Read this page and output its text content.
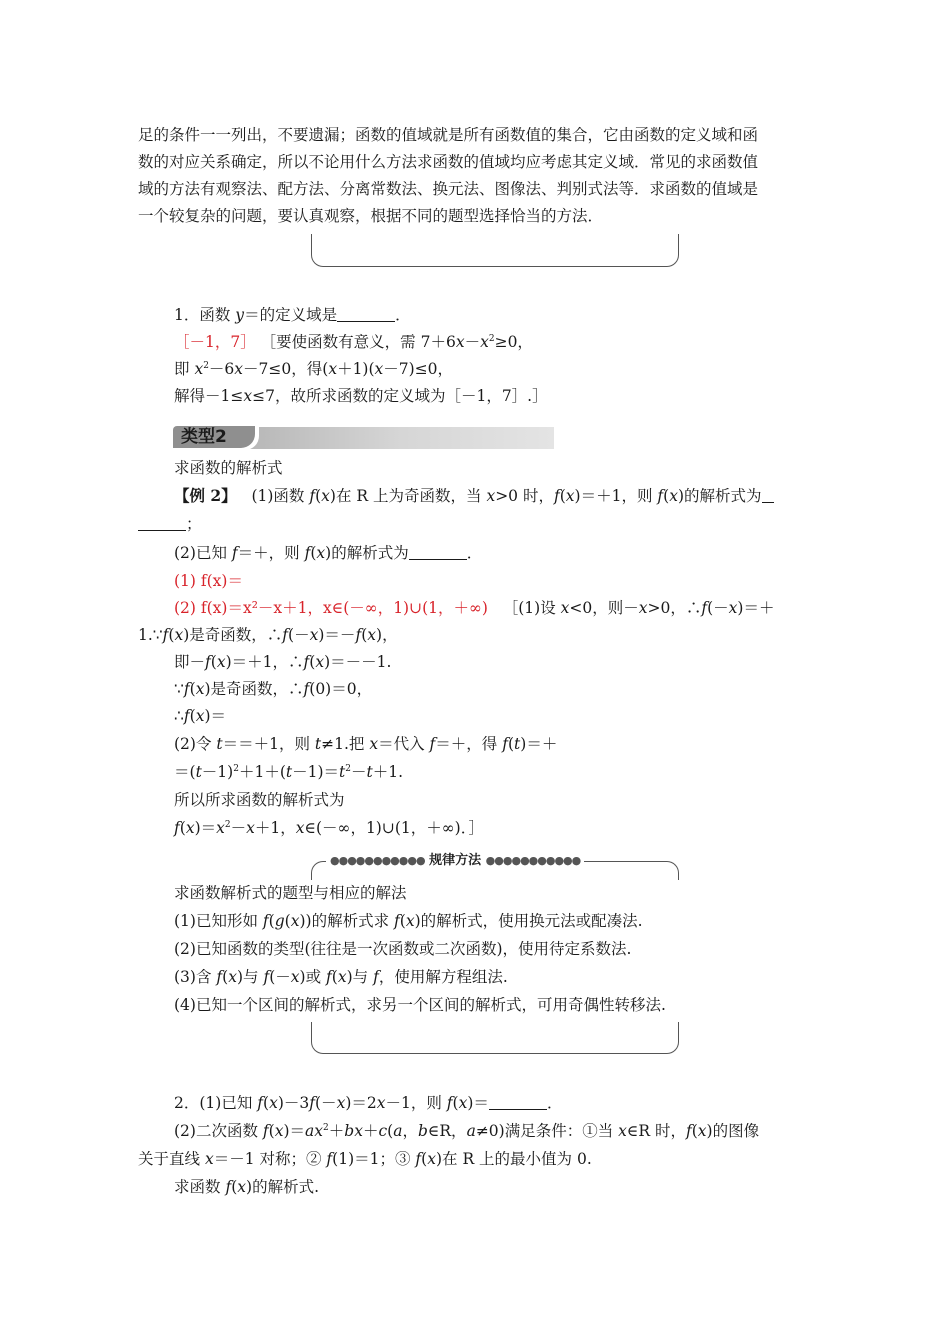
足的条件一一列出，不要遗漏；函数的值域就是所有函数值的集合，它由函数的定义域和函
数的对应关系确定，所以不论用什么方法求函数的值域均应考虑其定义域．常见的求函数值
域的方法有观察法、配方法、分离常数法、换元法、图像法、判别式法等．求函数的值域是
一个较复杂的问题，要认真观察，根据不同的题型选择恰当的方法．
1．函数 y＝的定义域是	．
［－1，7］ ［要使函数有意义，需 $7+6x-x^2\ge 0$，
即 $x^2-6x-7\le 0$，得(x＋1)(x－7)≤0，
解得－1≤x≤7，故所求函数的定义域为［－1，7］.］
类型2
求函数的解析式
【例 2】 (1)函数 f(x)在 R 上为奇函数，当 x>0 时，f(x)＝＋1，则 f(x)的解析式为
；
(2)已知 f＝＋，则 f(x)的解析式为	．
(1) f(x)＝
(2) f(x)＝x²－x＋1，x∈(－∞，1)∪(1，＋∞) ［(1)设 x<0，则－x>0，∴f(－x)＝＋
1.∵f(x)是奇函数，∴f(－x)＝－f(x)，
即－f(x)＝＋1，∴f(x)＝－－1.
∵f(x)是奇函数，∴f(0)＝0，
∴f(x)＝
(2)令 t＝＝＋1，则 t≠1.把 x＝代入 f＝＋，得 f(t)＝＋
$=(t-1)^2+1+(t-1)=t^2-t+1$.
所以所求函数的解析式为
$f(x)=x^2-x+1$，x∈(－∞，1)∪(1，＋∞)．］
●●●●●●●●●●● 规律方法 ●●●●●●●●●●●
求函数解析式的题型与相应的解法
(1)已知形如 f(g(x))的解析式求 f(x)的解析式，使用换元法或配凑法.
(2)已知函数的类型(往往是一次函数或二次函数)，使用待定系数法.
(3)含 f(x)与 f(－x)或 f(x)与 f，使用解方程组法.
(4)已知一个区间的解析式，求另一个区间的解析式，可用奇偶性转移法.
2．(1)已知 f(x)－3f(－x)＝2x－1，则 f(x)＝	．
(2)二次函数 $f(x)=ax^2+bx+c(a$，b∈R，a≠0)满足条件：①当 x∈R 时，f(x)的图像
关于直线 x＝－1 对称；② f(1)＝1；③ f(x)在 R 上的最小值为 0.
求函数 f(x)的解析式.
